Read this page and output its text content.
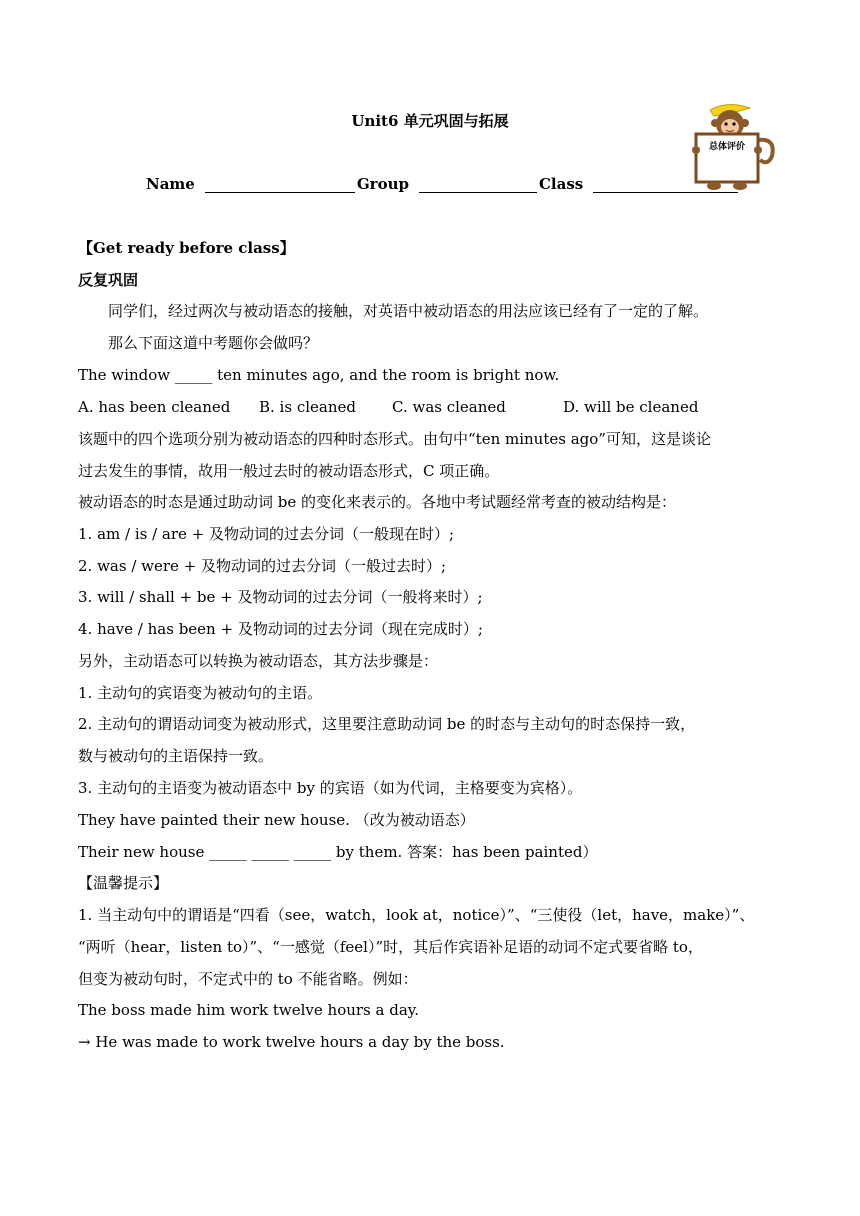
Unit6 单元巩固与拓展
总体评价
Name	Group	Class
【Get ready before class】
反复巩固
同学们，经过两次与被动语态的接触，对英语中被动语态的用法应该已经有了一定的了解。
那么下面这道中考题你会做吗？
The window _____ ten minutes ago, and the room is bright now.
A. has been cleaned B. is cleaned C. was cleaned	D. will be cleaned
该题中的四个选项分别为被动语态的四种时态形式。由句中“ten minutes ago”可知，这是谈论
过去发生的事情，故用一般过去时的被动语态形式，C 项正确。
被动语态的时态是通过助动词 be 的变化来表示的。各地中考试题经常考查的被动结构是：
1. am / is / are + 及物动词的过去分词（一般现在时）;
2. was / were + 及物动词的过去分词（一般过去时）;
3. will / shall + be + 及物动词的过去分词（一般将来时）;
4. have / has been + 及物动词的过去分词（现在完成时）;
另外，主动语态可以转换为被动语态，其方法步骤是：
1. 主动句的宾语变为被动句的主语。
2. 主动句的谓语动词变为被动形式，这里要注意助动词 be 的时态与主动句的时态保持一致，
数与被动句的主语保持一致。
3. 主动句的主语变为被动语态中 by 的宾语（如为代词，主格要变为宾格）。
They have painted their new house. （改为被动语态）
Their new house _____ _____ _____ by them. 答案：has been painted）
【温馨提示】
1. 当主动句中的谓语是“四看（see，watch，look at，notice）”、“三使役（let，have，make）”、
“两听（hear，listen to）”、“一感觉（feel）”时，其后作宾语补足语的动词不定式要省略 to，
但变为被动句时，不定式中的 to 不能省略。例如：
The boss made him work twelve hours a day.
→ He was made to work twelve hours a day by the boss.
